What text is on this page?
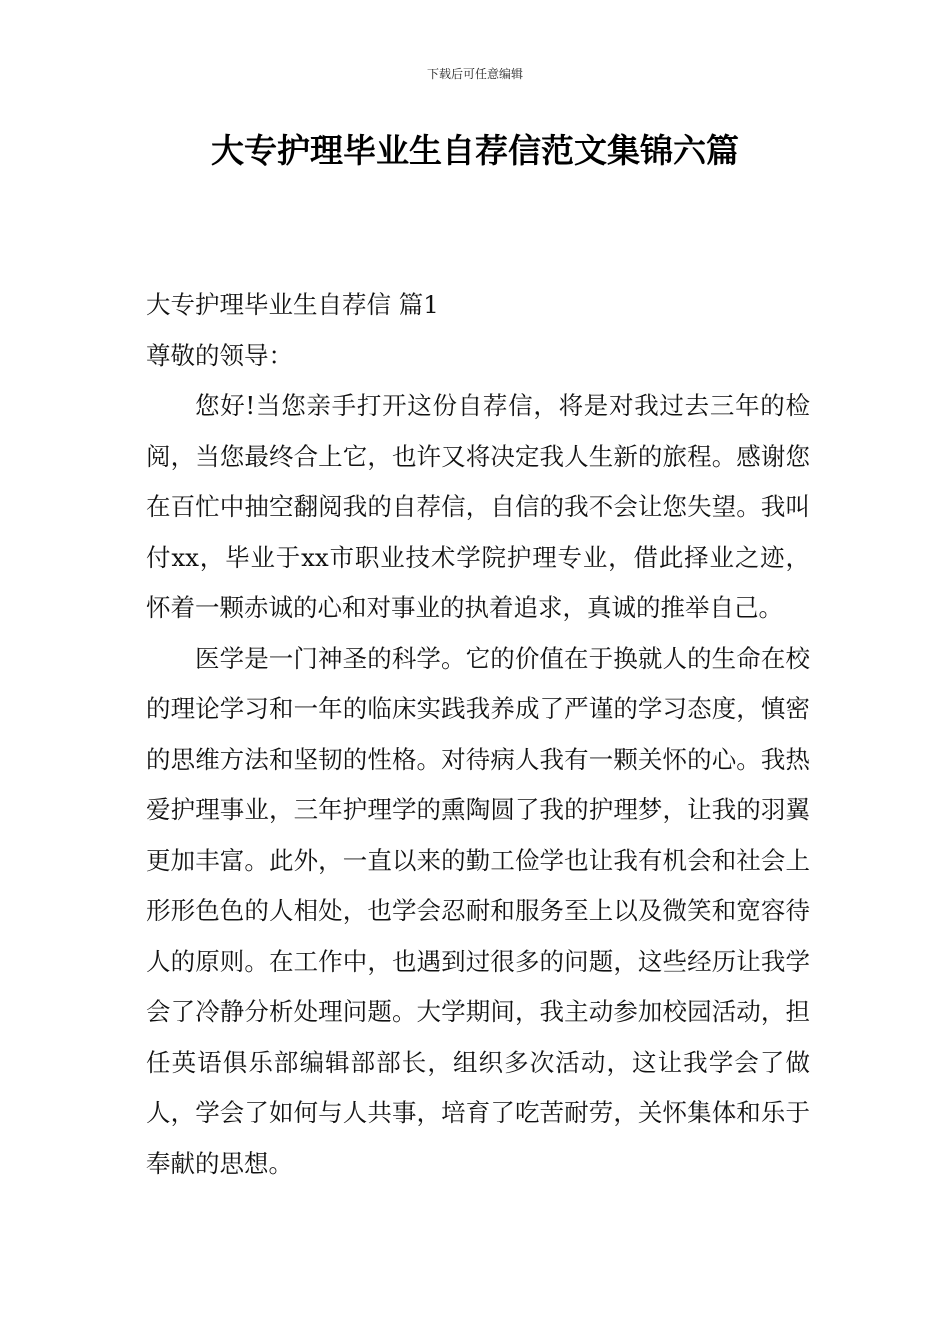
下载后可任意编辑
大专护理毕业生自荐信范文集锦六篇

大专护理毕业生自荐信 篇1

尊敬的领导：

您好!当您亲手打开这份自荐信，将是对我过去三年的检阅，当您最终合上它，也许又将决定我人生新的旅程。感谢您在百忙中抽空翻阅我的自荐信，自信的我不会让您失望。我叫付xx，毕业于xx市职业技术学院护理专业，借此择业之迹，怀着一颗赤诚的心和对事业的执着追求，真诚的推举自己。

医学是一门神圣的科学。它的价值在于换就人的生命在校的理论学习和一年的临床实践我养成了严谨的学习态度，慎密的思维方法和坚韧的性格。对待病人我有一颗关怀的心。我热爱护理事业，三年护理学的熏陶圆了我的护理梦，让我的羽翼更加丰富。此外，一直以来的勤工俭学也让我有机会和社会上形形色色的人相处，也学会忍耐和服务至上以及微笑和宽容待人的原则。在工作中，也遇到过很多的问题，这些经历让我学会了冷静分析处理问题。大学期间，我主动参加校园活动，担任英语俱乐部编辑部部长，组织多次活动，这让我学会了做人，学会了如何与人共事，培育了吃苦耐劳，关怀集体和乐于奉献的思想。
